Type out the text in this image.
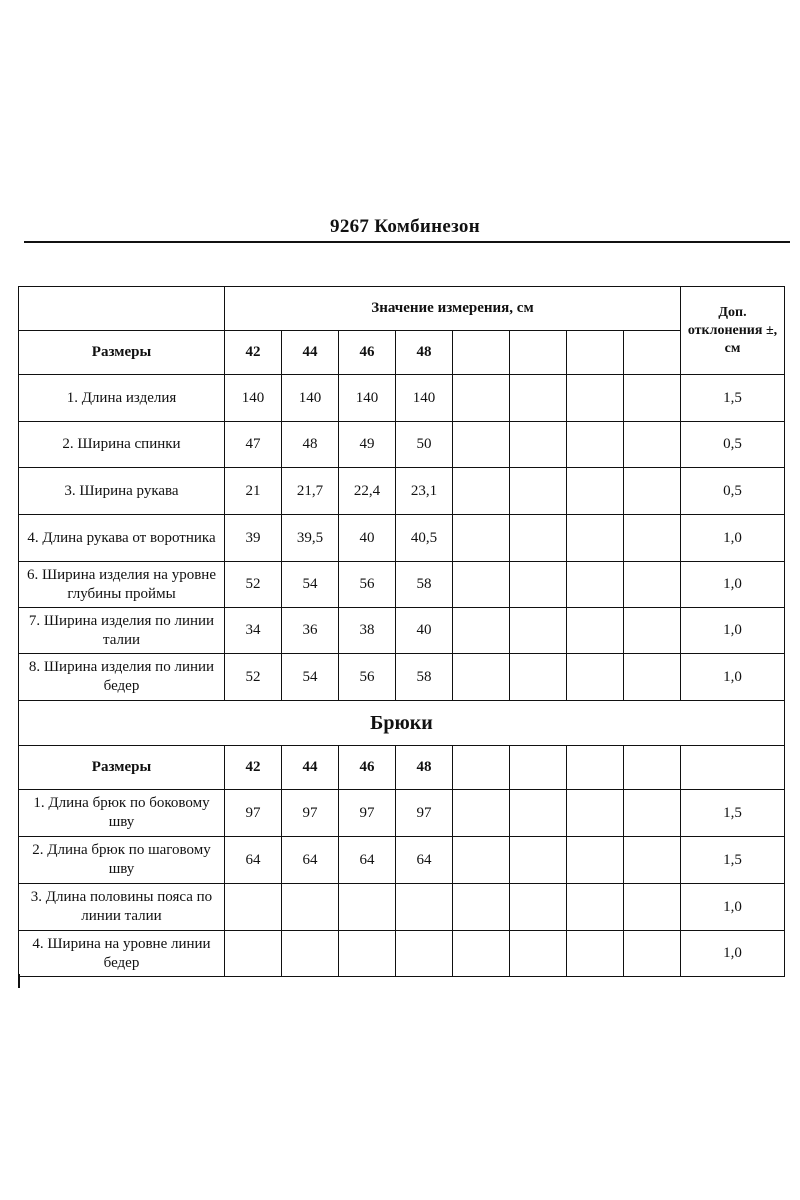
9267 Комбинезон
	Значение измерения, см								Доп. отклонения ±, см
Размеры	42	44	46	48					
1. Длина изделия	140	140	140	140					1,5
2. Ширина спинки	47	48	49	50					0,5
3. Ширина рукава	21	21,7	22,4	23,1					0,5
4. Длина рукава от воротника	39	39,5	40	40,5					1,0
6. Ширина изделия на уровне глубины проймы	52	54	56	58					1,0
7. Ширина изделия по линии талии	34	36	38	40					1,0
8. Ширина изделия по линии бедер	52	54	56	58					1,0
Брюки									
Размеры	42	44	46	48					
1. Длина брюк по боковому шву	97	97	97	97					1,5
2. Длина брюк по шаговому шву	64	64	64	64					1,5
3. Длина половины пояса по линии талии									1,0
4. Ширина на уровне линии бедер									1,0
